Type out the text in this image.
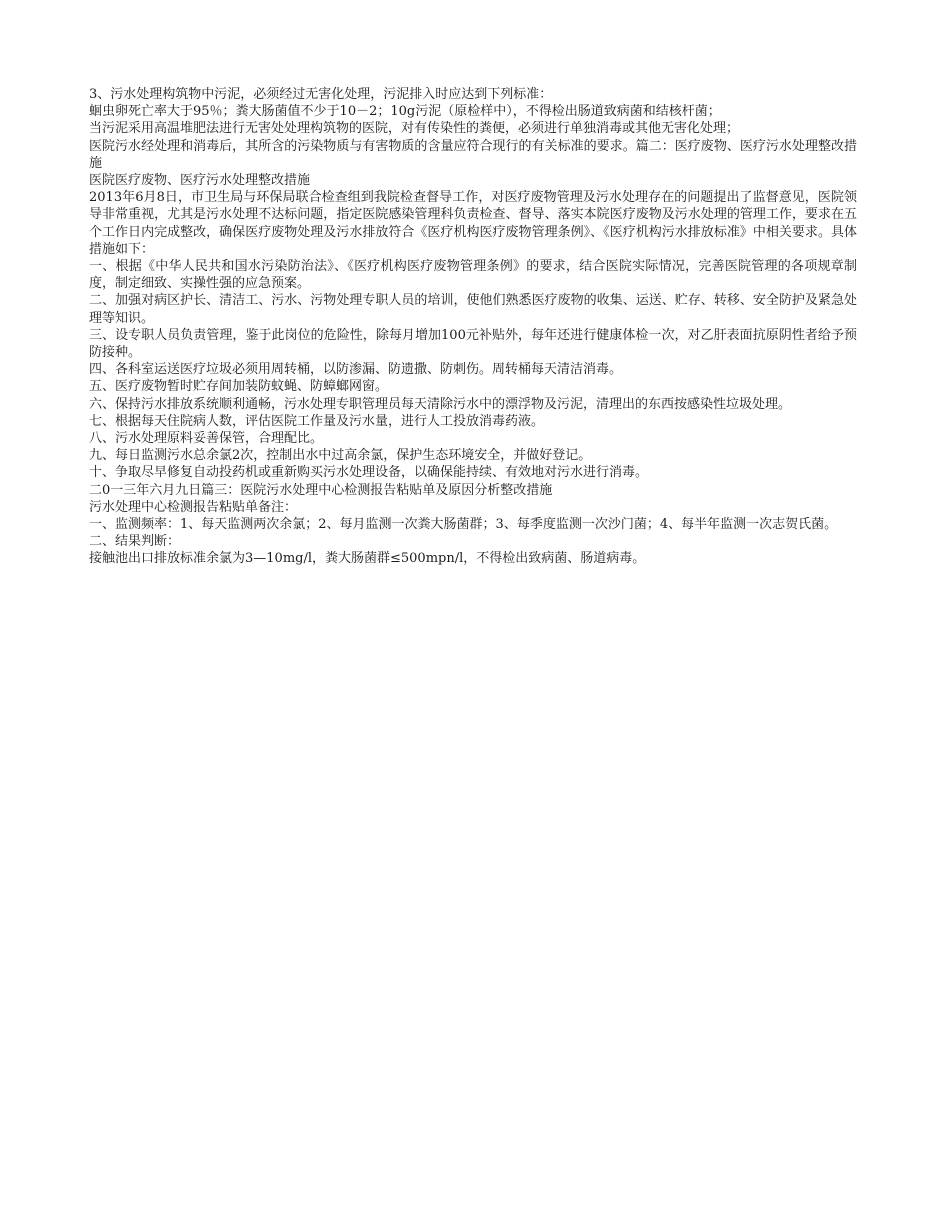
3、污水处理构筑物中污泥，必须经过无害化处理，污泥排入时应达到下列标准：

蛔虫卵死亡率大于95％；粪大肠菌值不少于10－2；10g污泥（原检样中），不得检出肠道致病菌和结核杆菌；

当污泥采用高温堆肥法进行无害处处理构筑物的医院，对有传染性的粪便，必须进行单独消毒或其他无害化处理；

医院污水经处理和消毒后，其所含的污染物质与有害物质的含量应符合现行的有关标准的要求。篇二：医疗废物、医疗污水处理整改措施

医院医疗废物、医疗污水处理整改措施

2013年6月8日，市卫生局与环保局联合检查组到我院检查督导工作，对医疗废物管理及污水处理存在的问题提出了监督意见，医院领导非常重视，尤其是污水处理不达标问题，指定医院感染管理科负责检查、督导、落实本院医疗废物及污水处理的管理工作，要求在五个工作日内完成整改，确保医疗废物处理及污水排放符合《医疗机构医疗废物管理条例》、《医疗机构污水排放标准》中相关要求。具体措施如下：

一、根据《中华人民共和国水污染防治法》、《医疗机构医疗废物管理条例》的要求，结合医院实际情况，完善医院管理的各项规章制度，制定细致、实操性强的应急预案。

二、加强对病区护长、清洁工、污水、污物处理专职人员的培训，使他们熟悉医疗废物的收集、运送、贮存、转移、安全防护及紧急处理等知识。

三、设专职人员负责管理，鉴于此岗位的危险性，除每月增加100元补贴外，每年还进行健康体检一次，对乙肝表面抗原阴性者给予预防接种。

四、各科室运送医疗垃圾必须用周转桶，以防渗漏、防遗撒、防刺伤。周转桶每天清洁消毒。

五、医疗废物暂时贮存间加装防蚊蝇、防蟑螂网窗。

六、保持污水排放系统顺利通畅，污水处理专职管理员每天清除污水中的漂浮物及污泥，清理出的东西按感染性垃圾处理。

七、根据每天住院病人数，评估医院工作量及污水量，进行人工投放消毒药液。

八、污水处理原料妥善保管，合理配比。

九、每日监测污水总余氯2次，控制出水中过高余氯，保护生态环境安全，并做好登记。

十、争取尽早修复自动投药机或重新购买污水处理设备，以确保能持续、有效地对污水进行消毒。

二0一三年六月九日篇三：医院污水处理中心检测报告粘贴单及原因分析整改措施

污水处理中心检测报告粘贴单备注：

一、监测频率：1、每天监测两次余氯；2、每月监测一次粪大肠菌群；3、每季度监测一次沙门菌；4、每半年监测一次志贺氏菌。

二、结果判断：

接触池出口排放标准余氯为3—10mg/l，粪大肠菌群≤500mpn/l，不得检出致病菌、肠道病毒。
